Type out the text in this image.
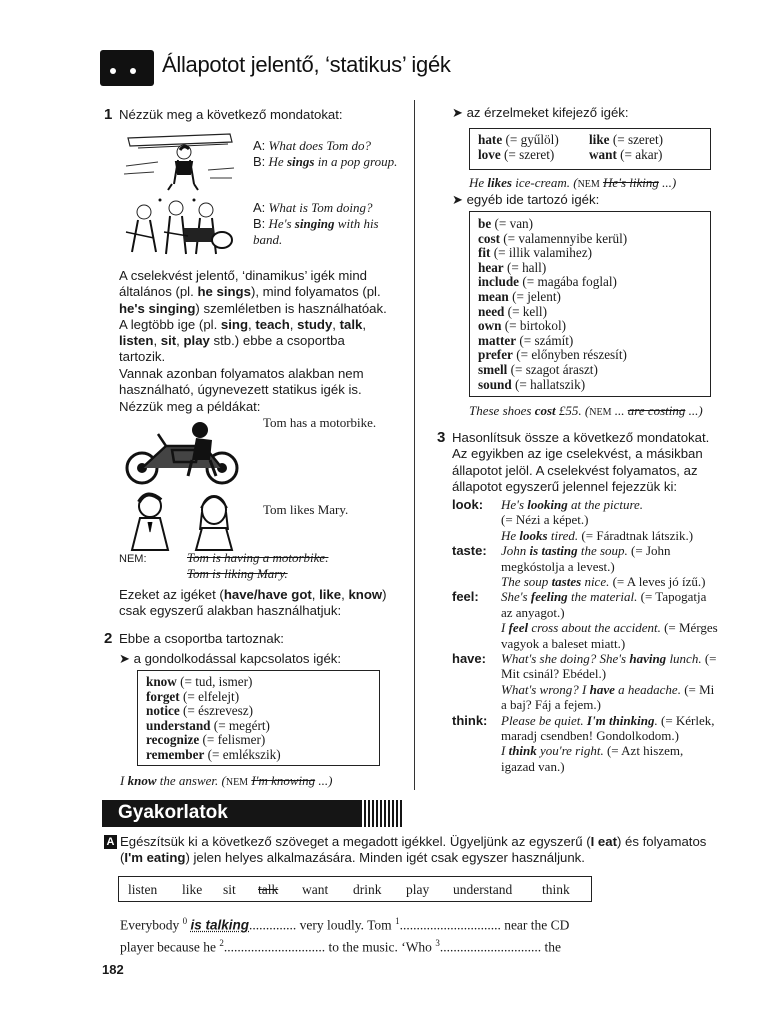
Állapotot jelentő, ‘statikus’ igék
1 Nézzük meg a következő mondatokat:
A: What does Tom do?
B: He sings in a pop group.
A: What is Tom doing?
B: He's singing with his band.
A cselekvést jelentő, ‘dinamikus’ igék mind
általános (pl. he sings), mind folyamatos (pl.
he's singing) szemléletben is használhatóak.
A legtöbb ige (pl. sing, teach, study, talk,
listen, sit, play stb.) ebbe a csoportba
tartozik.
Vannak azonban folyamatos alakban nem
használható, úgynevezett statikus igék is.
Nézzük meg a példákat:
Tom has a motorbike.
Tom likes Mary.
NEM:	Tom is having a motorbike.
Tom is liking Mary.
Ezeket az igéket (have/have got, like, know)
csak egyszerű alakban használhatjuk:
2 Ebbe a csoportba tartoznak:
➤ a gondolkodással kapcsolatos igék:
know (= tud, ismer)
forget (= elfelejt)
notice (= észrevesz)
understand (= megért)
recognize (= felismer)
remember (= emlékszik)
I know the answer. (NEM I'm knowing ...)
➤ az érzelmeket kifejező igék:
hate (= gyűlöl)
love (= szeret)
like (= szeret)
want (= akar)
He likes ice-cream. (NEM He's liking ...)
➤ egyéb ide tartozó igék:
be (= van)
cost (= valamennyibe kerül)
fit (= illik valamihez)
hear (= hall)
include (= magába foglal)
mean (= jelent)
need (= kell)
own (= birtokol)
matter (= számít)
prefer (= előnyben részesít)
smell (= szagot áraszt)
sound (= hallatszik)
These shoes cost £55. (NEM ... are costing ...)
3 Hasonlítsuk össze a következő mondatokat.
Az egyikben az ige cselekvést, a másikban
állapotot jelöl. A cselekvést folyamatos, az
állapotot egyszerű jelennel fejezzük ki:
look: He's looking at the picture.
(= Nézi a képet.)
He looks tired. (= Fáradtnak látszik.)
taste: John is tasting the soup. (= John
megkóstolja a levest.)
The soup tastes nice. (= A leves jó ízű.)
feel: She's feeling the material. (= Tapogatja
az anyagot.)
I feel cross about the accident. (= Mérges
vagyok a baleset miatt.)
have: What's she doing? She's having lunch. (=
Mit csinál? Ebédel.)
What's wrong? I have a headache. (= Mi
a baj? Fáj a fejem.)
think: Please be quiet. I'm thinking. (= Kérlek,
maradj csendben! Gondolkodom.)
I think you're right. (= Azt hiszem,
igazad van.)
Gyakorlatok
A Egészítsük ki a következő szöveget a megadott igékkel. Ügyeljünk az egyszerű (I eat) és folyamatos
(I'm eating) jelen helyes alkalmazására. Minden igét csak egyszer használjunk.
listen like sit talk want drink play understand think
Everybody $^0$ is talking.............. very loudly. Tom $^1$.............................. near the CD
player because he $^2$.............................. to the music. ‘Who $^3$.............................. the
182
